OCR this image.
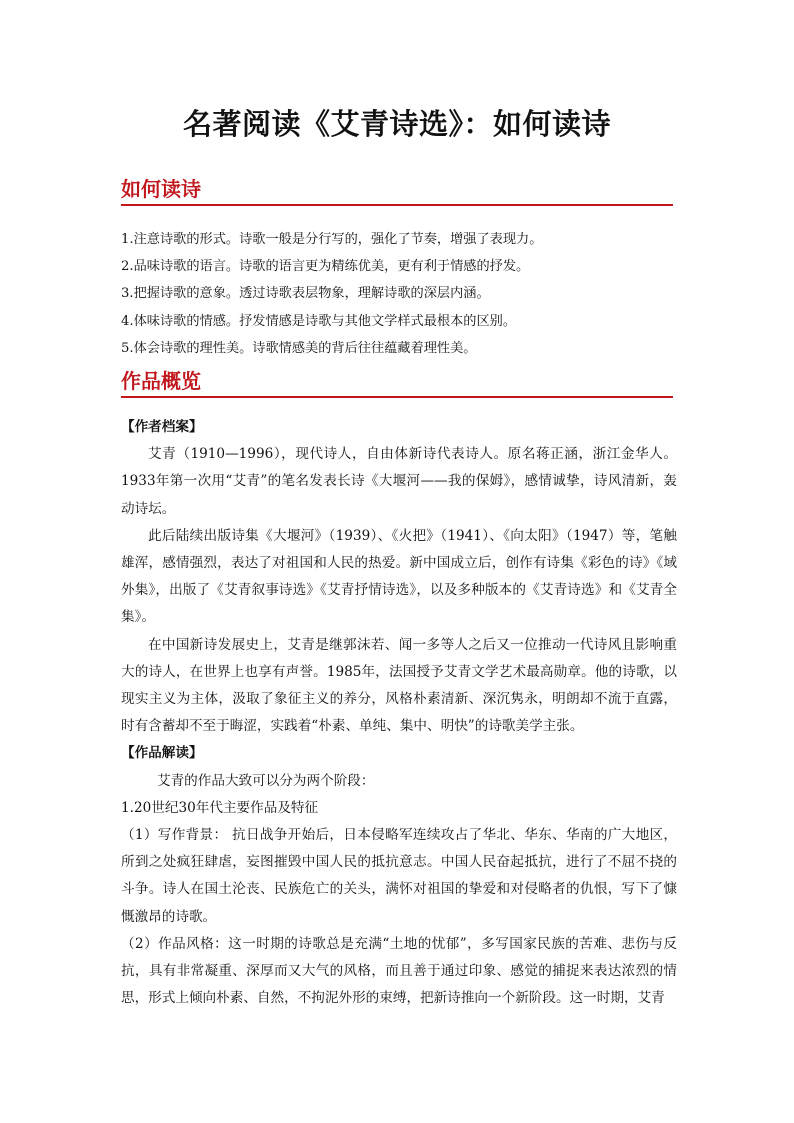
名著阅读《艾青诗选》：如何读诗
如何读诗
1.注意诗歌的形式。诗歌一般是分行写的，强化了节奏，增强了表现力。
2.品味诗歌的语言。诗歌的语言更为精练优美，更有利于情感的抒发。
3.把握诗歌的意象。透过诗歌表层物象，理解诗歌的深层内涵。
4.体味诗歌的情感。抒发情感是诗歌与其他文学样式最根本的区别。
5.体会诗歌的理性美。诗歌情感美的背后往往蕴藏着理性美。
作品概览

【作者档案】

艾青（1910—1996），现代诗人，自由体新诗代表诗人。原名蒋正涵，浙江金华人。1933年第一次用“艾青”的笔名发表长诗《大堰河——我的保姆》，感情诚挚，诗风清新，轰动诗坛。

此后陆续出版诗集《大堰河》（1939）、《火把》（1941）、《向太阳》（1947）等，笔触雄浑，感情强烈，表达了对祖国和人民的热爱。新中国成立后，创作有诗集《彩色的诗》《域外集》，出版了《艾青叙事诗选》《艾青抒情诗选》，以及多种版本的《艾青诗选》和《艾青全集》。

在中国新诗发展史上，艾青是继郭沫若、闻一多等人之后又一位推动一代诗风且影响重大的诗人，在世界上也享有声誉。1985年，法国授予艾青文学艺术最高勋章。他的诗歌，以现实主义为主体，汲取了象征主义的养分，风格朴素清新、深沉隽永，明朗却不流于直露，时有含蓄却不至于晦涩，实践着“朴素、单纯、集中、明快”的诗歌美学主张。

【作品解读】

艾青的作品大致可以分为两个阶段：

1.20世纪30年代主要作品及特征

（1）写作背景： 抗日战争开始后，日本侵略军连续攻占了华北、华东、华南的广大地区，所到之处疯狂肆虐，妄图摧毁中国人民的抵抗意志。中国人民奋起抵抗，进行了不屈不挠的斗争。诗人在国土沦丧、民族危亡的关头，满怀对祖国的挚爱和对侵略者的仇恨，写下了慷慨激昂的诗歌。

（2）作品风格：这一时期的诗歌总是充满“土地的忧郁”，多写国家民族的苦难、悲伤与反抗，具有非常凝重、深厚而又大气的风格，而且善于通过印象、感觉的捕捉来表达浓烈的情思，形式上倾向朴素、自然，不拘泥外形的束缚，把新诗推向一个新阶段。这一时期，艾青
